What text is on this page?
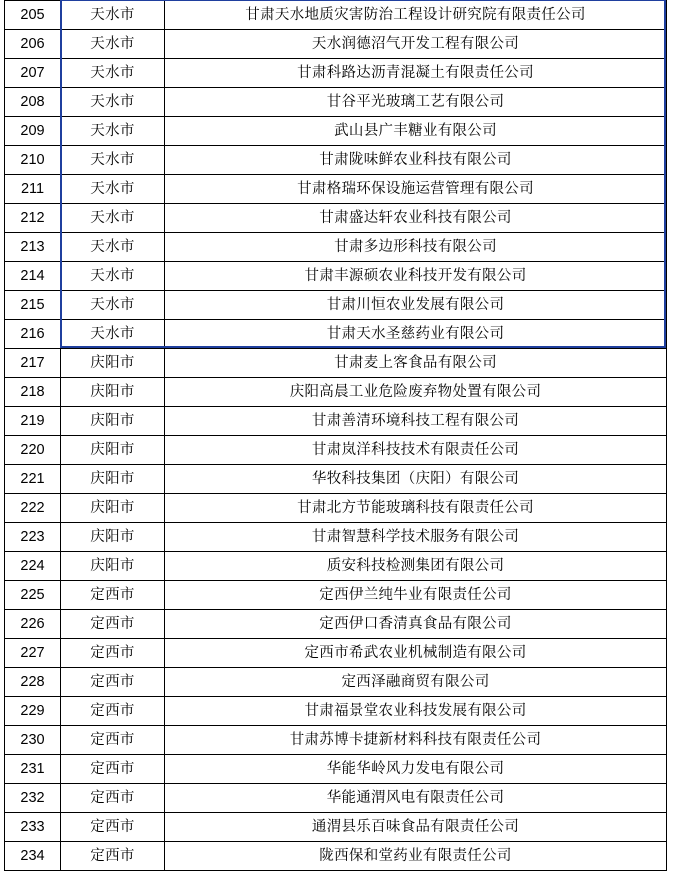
205	天水市	甘肃天水地质灾害防治工程设计研究院有限责任公司
206	天水市	天水润德沼气开发工程有限公司
207	天水市	甘肃科路达沥青混凝土有限责任公司
208	天水市	甘谷平光玻璃工艺有限公司
209	天水市	武山县广丰糖业有限公司
210	天水市	甘肃陇味鲜农业科技有限公司
211	天水市	甘肃格瑞环保设施运营管理有限公司
212	天水市	甘肃盛达轩农业科技有限公司
213	天水市	甘肃多边形科技有限公司
214	天水市	甘肃丰源硕农业科技开发有限公司
215	天水市	甘肃川恒农业发展有限公司
216	天水市	甘肃天水圣慈药业有限公司
217	庆阳市	甘肃麦上客食品有限公司
218	庆阳市	庆阳高晨工业危险废弃物处置有限公司
219	庆阳市	甘肃善清环境科技工程有限公司
220	庆阳市	甘肃岚洋科技技术有限责任公司
221	庆阳市	华牧科技集团（庆阳）有限公司
222	庆阳市	甘肃北方节能玻璃科技有限责任公司
223	庆阳市	甘肃智慧科学技术服务有限公司
224	庆阳市	质安科技检测集团有限公司
225	定西市	定西伊兰纯牛业有限责任公司
226	定西市	定西伊口香清真食品有限公司
227	定西市	定西市希武农业机械制造有限公司
228	定西市	定西泽融商贸有限公司
229	定西市	甘肃福景堂农业科技发展有限公司
230	定西市	甘肃苏博卡捷新材料科技有限责任公司
231	定西市	华能华岭风力发电有限公司
232	定西市	华能通渭风电有限责任公司
233	定西市	通渭县乐百味食品有限责任公司
234	定西市	陇西保和堂药业有限责任公司
